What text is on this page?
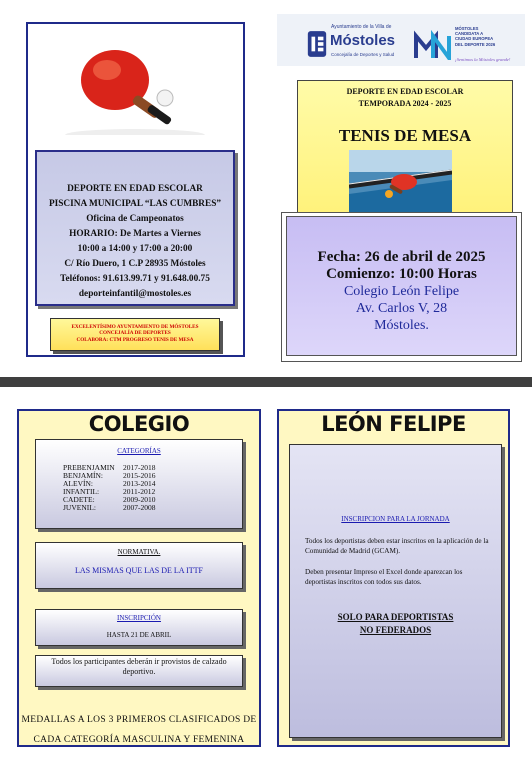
DEPORTE EN EDAD ESCOLAR
PISCINA MUNICIPAL “LAS CUMBRES”
Oficina de Campeonatos
HORARIO: De Martes a Viernes
10:00 a 14:00 y 17:00 a 20:00
C/ Río Duero, 1 C.P 28935 Móstoles
Teléfonos: 91.613.99.71 y 91.648.00.75
deporteinfantil@mostoles.es
EXCELENTÍSIMO AYUNTAMIENTO DE MÓSTOLES
CONCEJALÍA DE DEPORTES
COLABORA: CTM PROGRESO TENIS DE MESA
Ayuntamiento de la Villa de
Móstoles
Concejalía de Deportes y Salud
MÓSTOLES
CANDIDATA A
CIUDAD EUROPEA
DEL DEPORTE 2026
¡Sentimos la Móstoles grande!
DEPORTE EN EDAD ESCOLAR
TEMPORADA 2024 - 2025
TENIS DE MESA
Fecha: 26 de abril de 2025
Comienzo: 10:00 Horas
Colegio León Felipe
Av. Carlos V, 28
Móstoles.
COLEGIO
CATEGORÍAS
PREBENJAMIN	2017-2018
BENJAMÍN:	2015-2016
ALEVÍN:	2013-2014
INFANTIL:	2011-2012
CADETE:	2009-2010
JUVENIL:	2007-2008
NORMATIVA.
LAS MISMAS QUE LAS DE LA ITTF
INSCRIPCIÓN
HASTA 21 DE ABRIL
Todos los participantes deberán ir provistos de calzado deportivo.
MEDALLAS A LOS 3 PRIMEROS CLASIFICADOS DE
CADA CATEGORÍA MASCULINA Y FEMENINA
LEÓN FELIPE
INSCRIPCION PARA LA JORNADA
Todos los deportistas deben estar inscritos en la aplicación de la Comunidad de Madrid (GCAM).
Deben presentar Impreso el Excel donde aparezcan los deportistas inscritos con todos sus datos.
SOLO PARA DEPORTISTAS
NO FEDERADOS
